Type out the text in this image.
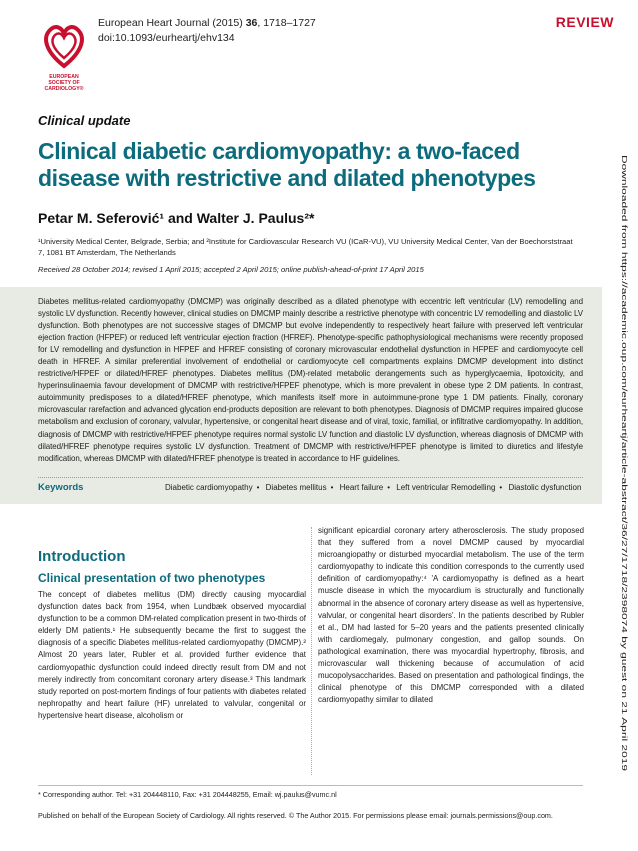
EUROPEAN
SOCIETY OF
CARDIOLOGY®
European Heart Journal (2015) 36, 1718–1727
doi:10.1093/eurheartj/ehv134
REVIEW
Clinical update
Clinical diabetic cardiomyopathy: a two-faced disease with restrictive and dilated phenotypes
Petar M. Seferović¹ and Walter J. Paulus²*
¹University Medical Center, Belgrade, Serbia; and ²Institute for Cardiovascular Research VU (ICaR-VU), VU University Medical Center, Van der Boechorststraat 7, 1081 BT Amsterdam, The Netherlands
Received 28 October 2014; revised 1 April 2015; accepted 2 April 2015; online publish-ahead-of-print 17 April 2015
Diabetes mellitus-related cardiomyopathy (DMCMP) was originally described as a dilated phenotype with eccentric left ventricular (LV) remodelling and systolic LV dysfunction. Recently however, clinical studies on DMCMP mainly describe a restrictive phenotype with concentric LV remodelling and diastolic LV dysfunction. Both phenotypes are not successive stages of DMCMP but evolve independently to respectively heart failure with preserved left ventricular ejection fraction (HFPEF) or reduced left ventricular ejection fraction (HFREF). Phenotype-specific pathophysiological mechanisms were recently proposed for LV remodelling and dysfunction in HFPEF and HFREF consisting of coronary microvascular endothelial dysfunction in HFPEF and cardiomyocyte cell death in HFREF. A similar preferential involvement of endothelial or cardiomyocyte cell compartments explains DMCMP development into distinct restrictive/HFPEF or dilated/HFREF phenotypes. Diabetes mellitus (DM)-related metabolic derangements such as hyperglycaemia, lipotoxicity, and hyperinsulinaemia favour development of DMCMP with restrictive/HFPEF phenotype, which is more prevalent in obese type 2 DM patients. In contrast, autoimmunity predisposes to a dilated/HFREF phenotype, which manifests itself more in autoimmune-prone type 1 DM patients. Finally, coronary microvascular rarefaction and advanced glycation end-products deposition are relevant to both phenotypes. Diagnosis of DMCMP requires impaired glucose metabolism and exclusion of coronary, valvular, hypertensive, or congenital heart disease and of viral, toxic, familial, or infiltrative cardiomyopathy. In addition, diagnosis of DMCMP with restrictive/HFPEF phenotype requires normal systolic LV function and diastolic LV dysfunction, whereas diagnosis of DMCMP with dilated/HFREF phenotype requires systolic LV dysfunction. Treatment of DMCMP with restrictive/HFPEF phenotype is limited to diuretics and lifestyle modification, whereas DMCMP with dilated/HFREF phenotype is treated in accordance to HF guidelines.
Keywords	Diabetic cardiomyopathy • Diabetes mellitus • Heart failure • Left ventricular Remodelling • Diastolic dysfunction	Downloaded from https://academic.oup.com/eurheartj/article-abstract/36/27/1718/2398074 by guest on 21 April 2019
Introduction
Clinical presentation of two phenotypes
The concept of diabetes mellitus (DM) directly causing myocardial dysfunction dates back from 1954, when Lundbæk observed myocardial dysfunction to be a common DM-related complication present in two-thirds of elderly DM patients.¹ He subsequently became the first to suggest the diagnosis of a specific Diabetes mellitus-related cardiomyopathy (DMCMP).² Almost 20 years later, Rubler et al. provided further evidence that cardiomyopathic dysfunction could indeed directly result from DM and not merely indirectly from concomitant coronary artery disease.³ This landmark study reported on post-mortem findings of four patients with diabetes related nephropathy and heart failure (HF) unrelated to valvular, congenital or hypertensive heart disease, alcoholism or
significant epicardial coronary artery atherosclerosis. The study proposed that they suffered from a novel DMCMP caused by myocardial microangiopathy or disturbed myocardial metabolism. The use of the term cardiomyopathy to indicate this condition corresponds to the currently used definition of cardiomyopathy:⁴ 'A cardiomyopathy is defined as a heart muscle disease in which the myocardium is structurally and functionally abnormal in the absence of coronary artery disease as well as hypertensive, valvular, or congenital heart disorders'. In the patients described by Rubler et al., DM had lasted for 5–20 years and the patients presented clinically with cardiomegaly, pulmonary congestion, and gallop sounds. On pathological examination, there was myocardial hypertrophy, fibrosis, and microvascular wall thickening because of accumulation of acid mucopolysaccharides. Based on presentation and pathological findings, the clinical phenotype of this DMCMP corresponded with a dilated cardiomyopathy similar to dilated
* Corresponding author. Tel: +31 204448110, Fax: +31 204448255, Email: wj.paulus@vumc.nl
Published on behalf of the European Society of Cardiology. All rights reserved. © The Author 2015. For permissions please email: journals.permissions@oup.com.
